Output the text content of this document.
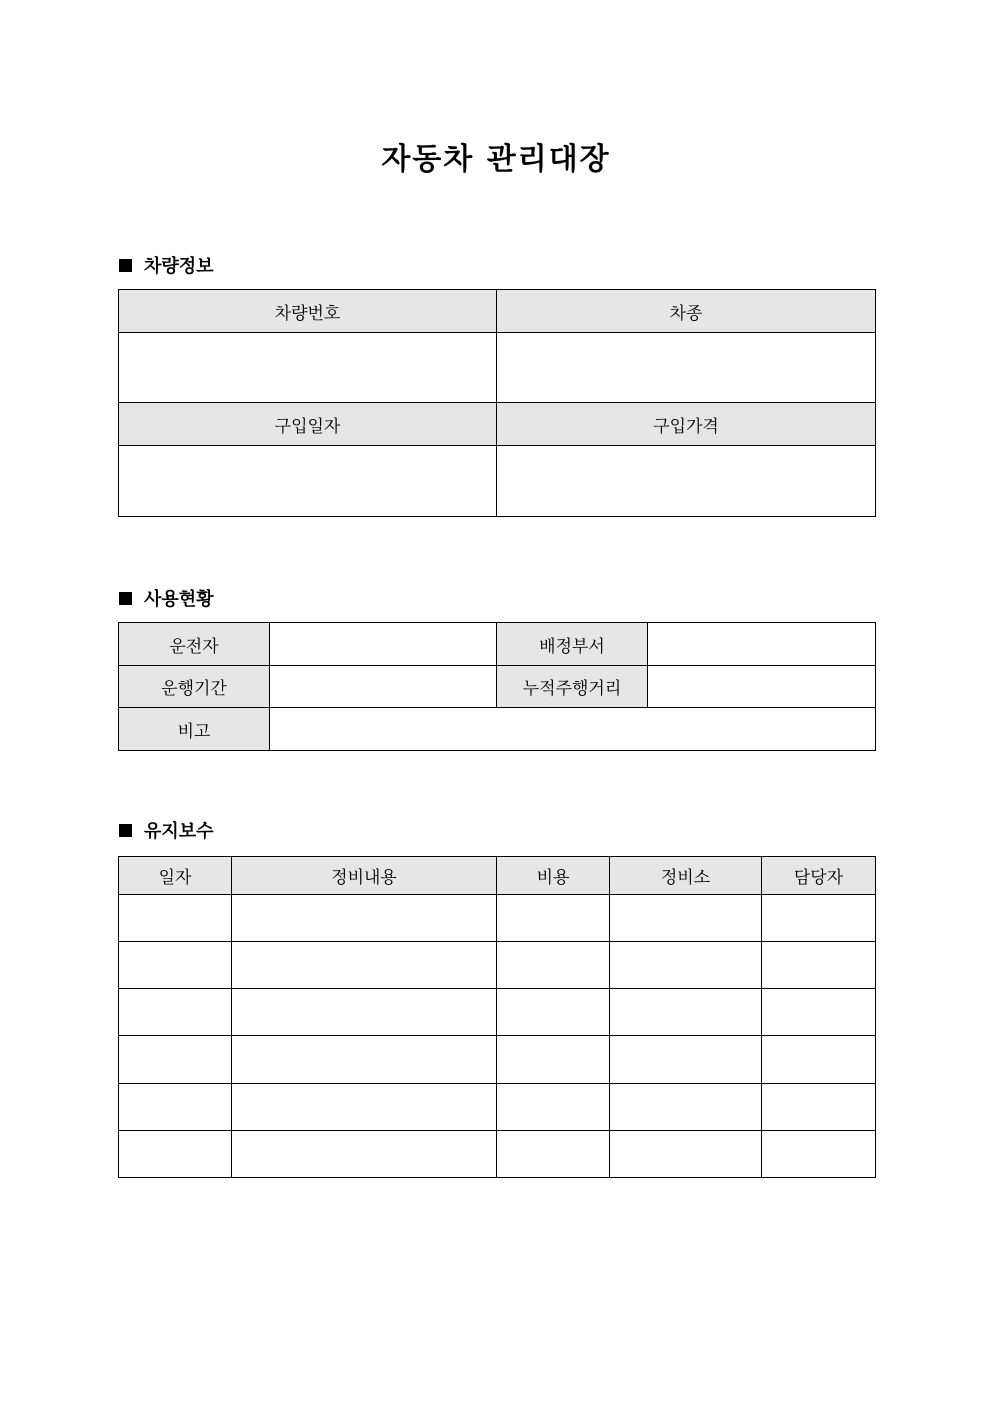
자동차 관리대장
차량정보
차량번호	차종

구입일자	구입가격

사용현황
운전자		배정부서	
운행기간		누적주행거리	
비고			
유지보수
일자	정비내용	비용	정비소	담당자
